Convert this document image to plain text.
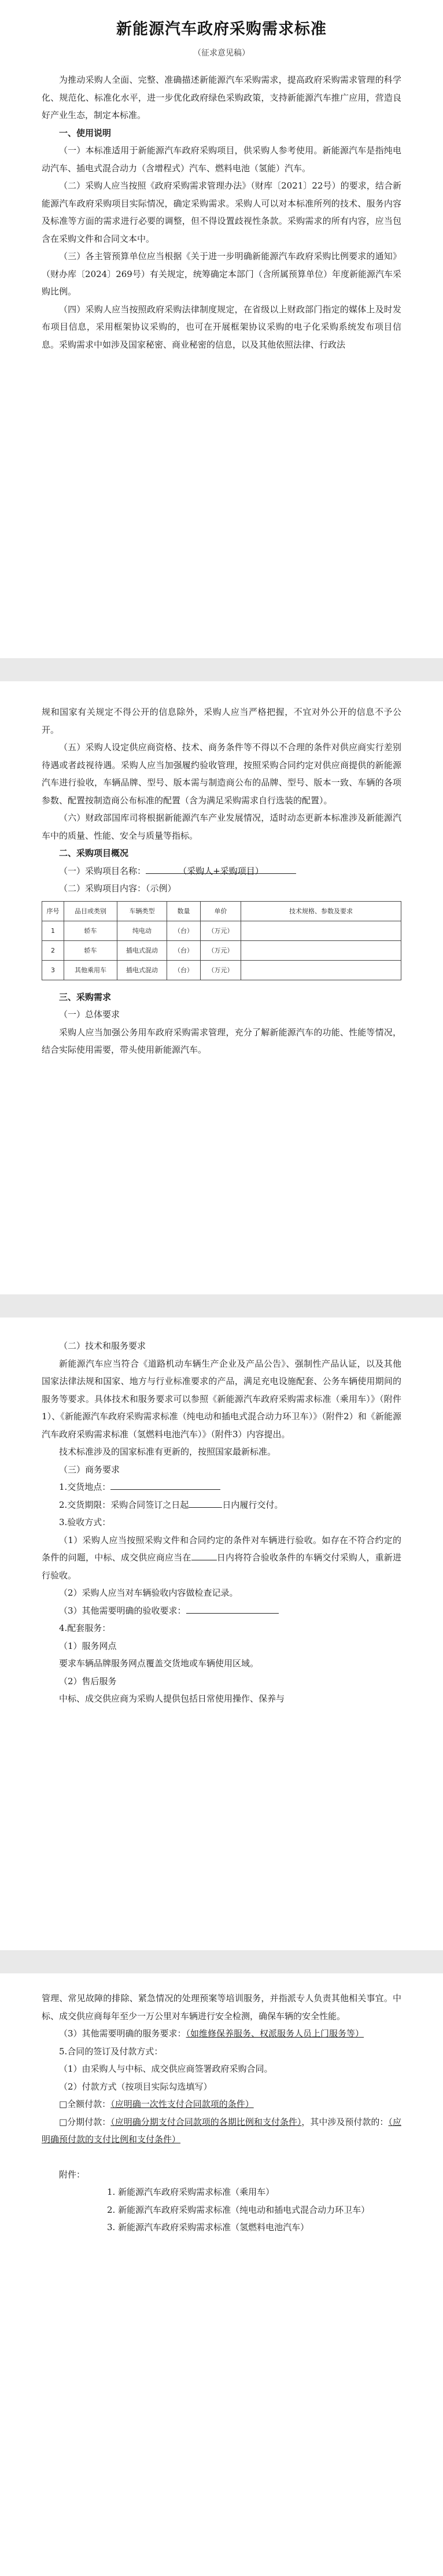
新能源汽车政府采购需求标准
（征求意见稿）

为推动采购人全面、完整、准确描述新能源汽车采购需求，提高政府采购需求管理的科学化、规范化、标准化水平，进一步优化政府绿色采购政策，支持新能源汽车推广应用，营造良好产业生态，制定本标准。

一、使用说明

（一）本标准适用于新能源汽车政府采购项目，供采购人参考使用。新能源汽车是指纯电动汽车、插电式混合动力（含增程式）汽车、燃料电池（氢能）汽车。

（二）采购人应当按照《政府采购需求管理办法》（财库〔2021〕22号）的要求，结合新能源汽车政府采购项目实际情况，确定采购需求。采购人可以对本标准所列的技术、服务内容及标准等方面的需求进行必要的调整，但不得设置歧视性条款。采购需求的所有内容，应当包含在采购文件和合同文本中。

（三）各主管预算单位应当根据《关于进一步明确新能源汽车政府采购比例要求的通知》（财办库〔2024〕269号）有关规定，统筹确定本部门（含所属预算单位）年度新能源汽车采购比例。

（四）采购人应当按照政府采购法律制度规定，在省级以上财政部门指定的媒体上及时发布项目信息，采用框架协议采购的，也可在开展框架协议采购的电子化采购系统发布项目信息。采购需求中如涉及国家秘密、商业秘密的信息，以及其他依照法律、行政法

规和国家有关规定不得公开的信息除外，采购人应当严格把握，不宜对外公开的信息不予公开。

（五）采购人设定供应商资格、技术、商务条件等不得以不合理的条件对供应商实行差别待遇或者歧视待遇。采购人应当加强履约验收管理，按照采购合同约定对供应商提供的新能源汽车进行验收，车辆品牌、型号、版本需与制造商公布的品牌、型号、版本一致、车辆的各项参数、配置按制造商公布标准的配置（含为满足采购需求自行选装的配置）。

（六）财政部国库司将根据新能源汽车产业发展情况，适时动态更新本标准涉及新能源汽车中的质量、性能、安全与质量等指标。

二、采购项目概况
（一）采购项目名称：	（采购人+采购项目）
（二）采购项目内容：（示例）
序号	品目或类别	车辆类型	数量	单价	技术规格、参数及要求
1	轿车	纯电动	（台）	（万元）	
2	轿车	插电式混动	（台）	（万元）	
3	其他乘用车	插电式混动	（台）	（万元）	
三、采购需求
（一）总体要求

采购人应当加强公务用车政府采购需求管理，充分了解新能源汽车的功能、性能等情况，结合实际使用需要，带头使用新能源汽车。

（二）技术和服务要求

新能源汽车应当符合《道路机动车辆生产企业及产品公告》、强制性产品认证，以及其他国家法律法规和国家、地方与行业标准要求的产品，满足充电设施配套、公务车辆使用期间的服务等要求。具体技术和服务要求可以参照《新能源汽车政府采购需求标准（乘用车）》（附件1）、《新能源汽车政府采购需求标准（纯电动和插电式混合动力环卫车）》（附件2）和《新能源汽车政府采购需求标准（氢燃料电池汽车）》（附件3）内容提出。

技术标准涉及的国家标准有更新的，按照国家最新标准。

（三）商务要求
1.交货地点：
2.交货期限：采购合同签订之日起	日内履行交付。
3.验收方式：

（1）采购人应当按照采购文件和合同约定的条件对车辆进行验收。如存在不符合约定的条件的问题，中标、成交供应商应当在	日内将符合验收条件的车辆交付采购人，重新进行验收。

（2）采购人应当对车辆验收内容做检查记录。
（3）其他需要明确的验收要求：
4.配套服务：
（1）服务网点
要求车辆品牌服务网点覆盖交货地或车辆使用区域。
（2）售后服务
中标、成交供应商为采购人提供包括日常使用操作、保养与

管理、常见故障的排除、紧急情况的处理预案等培训服务，并指派专人负责其他相关事宜。中标、成交供应商每年至少一万公里对车辆进行安全检测，确保车辆的安全性能。

（3）其他需要明确的服务要求：（如维修保养服务、权派服务人员上门服务等）

5.合同的签订及付款方式：
（1）由采购人与中标、成交供应商签署政府采购合同。
（2）付款方式（按项目实际勾选填写）

□全额付款：（应明确一次性支付合同款项的条件）

□分期付款：（应明确分期支付合同款项的各期比例和支付条件），其中涉及预付款的：（应明确预付款的支付比例和支付条件）

附件：
1. 新能源汽车政府采购需求标准（乘用车）
2. 新能源汽车政府采购需求标准（纯电动和插电式混合动力环卫车）
3. 新能源汽车政府采购需求标准（氢燃料电池汽车）
